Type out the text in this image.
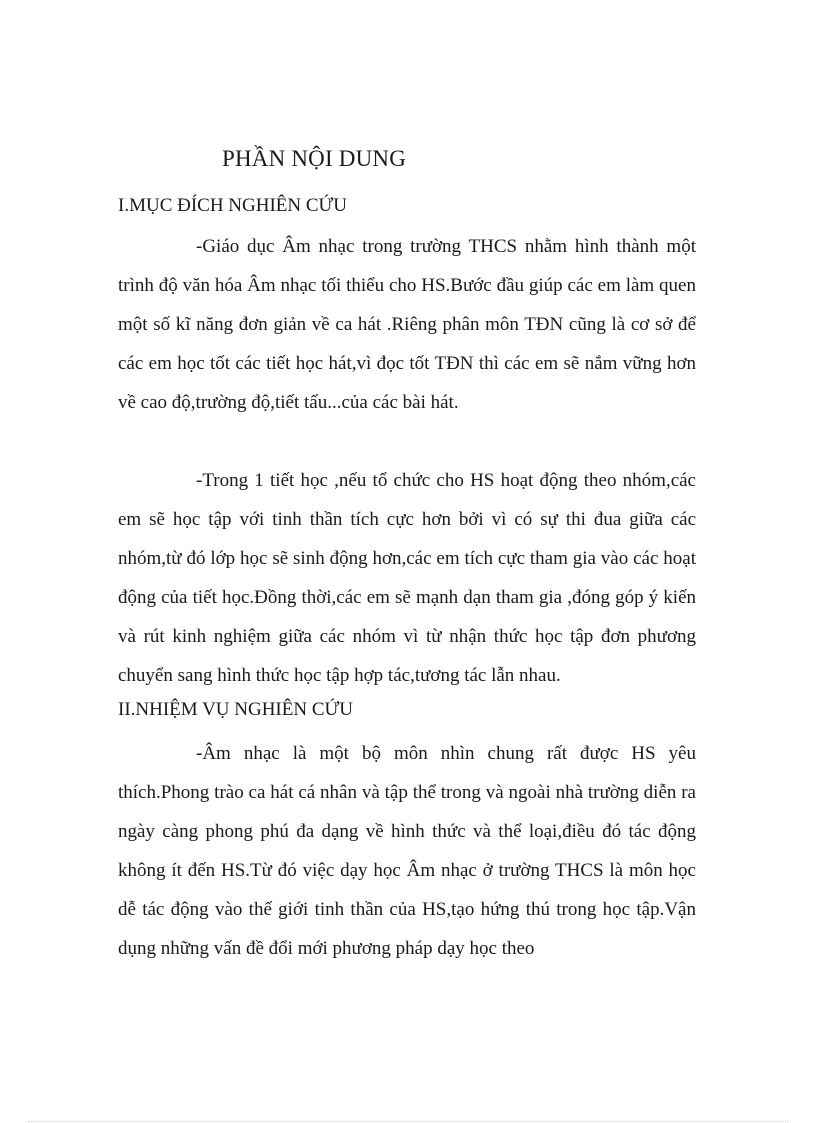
PHẦN NỘI DUNG
I.MỤC ĐÍCH NGHIÊN CỨU

-Giáo dục Âm nhạc trong trường THCS nhằm hình thành một trình độ văn hóa Âm nhạc tối thiểu cho HS.Bước đầu giúp các em làm quen một số kĩ năng đơn giản về ca hát .Riêng phân môn TĐN cũng là cơ sở để các em học tốt các tiết học hát,vì đọc tốt TĐN thì các em sẽ nắm vững hơn về cao độ,trường độ,tiết tấu...của các bài hát.

-Trong 1 tiết học ,nếu tổ chức cho HS hoạt động theo nhóm,các em sẽ học tập với tinh thần tích cực hơn bởi vì có sự thi đua giữa các nhóm,từ đó lớp học sẽ sinh động hơn,các em tích cực tham gia vào các hoạt động của tiết học.Đồng thời,các em sẽ mạnh dạn tham gia ,đóng góp ý kiến và rút kinh nghiệm giữa các nhóm vì từ nhận thức học tập đơn phương chuyển sang hình thức học tập hợp tác,tương tác lẫn nhau.

II.NHIỆM VỤ NGHIÊN CỨU

-Âm nhạc là một bộ môn nhìn chung rất được HS yêu thích.Phong trào ca hát cá nhân và tập thể trong và ngoài nhà trường diễn ra ngày càng phong phú đa dạng về hình thức và thể loại,điều đó tác động không ít đến HS.Từ đó việc dạy học Âm nhạc ở trường THCS là môn học dễ tác động vào thế giới tinh thần của HS,tạo hứng thú trong học tập.Vận dụng những vấn đề đổi mới phương pháp dạy học theo
